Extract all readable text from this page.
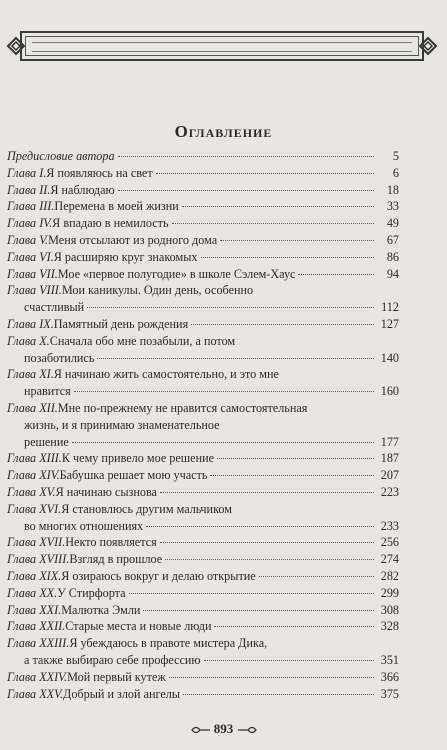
Оглавление
Предисловие автора	5
Глава I. Я появляюсь на свет	6
Глава II. Я наблюдаю	18
Глава III. Перемена в моей жизни	33
Глава IV. Я впадаю в немилость	49
Глава V. Меня отсылают из родного дома	67
Глава VI. Я расширяю круг знакомых	86
Глава VII. Мое «первое полугодие» в школе Сэлем-Хаус	94
Глава VIII. Мои каникулы. Один день, особенно
счастливый	112
Глава IX. Памятный день рождения	127
Глава X. Сначала обо мне позабыли, а потом
позаботились	140
Глава XI. Я начинаю жить самостоятельно, и это мне
нравится	160
Глава XII. Мне по-прежнему не нравится самостоятельная
жизнь, и я принимаю знаменательное
решение	177
Глава XIII. К чему привело мое решение	187
Глава XIV. Бабушка решает мою участь	207
Глава XV. Я начинаю сызнова	223
Глава XVI. Я становлюсь другим мальчиком
во многих отношениях	233
Глава XVII. Некто появляется	256
Глава XVIII. Взгляд в прошлое	274
Глава XIX. Я озираюсь вокруг и делаю открытие	282
Глава XX. У Стирфорта	299
Глава XXI. Малютка Эмли	308
Глава XXII. Старые места и новые люди	328
Глава XXIII. Я убеждаюсь в правоте мистера Дика,
а также выбираю себе профессию	351
Глава XXIV. Мой первый кутеж	366
Глава XXV. Добрый и злой ангелы	375
893
